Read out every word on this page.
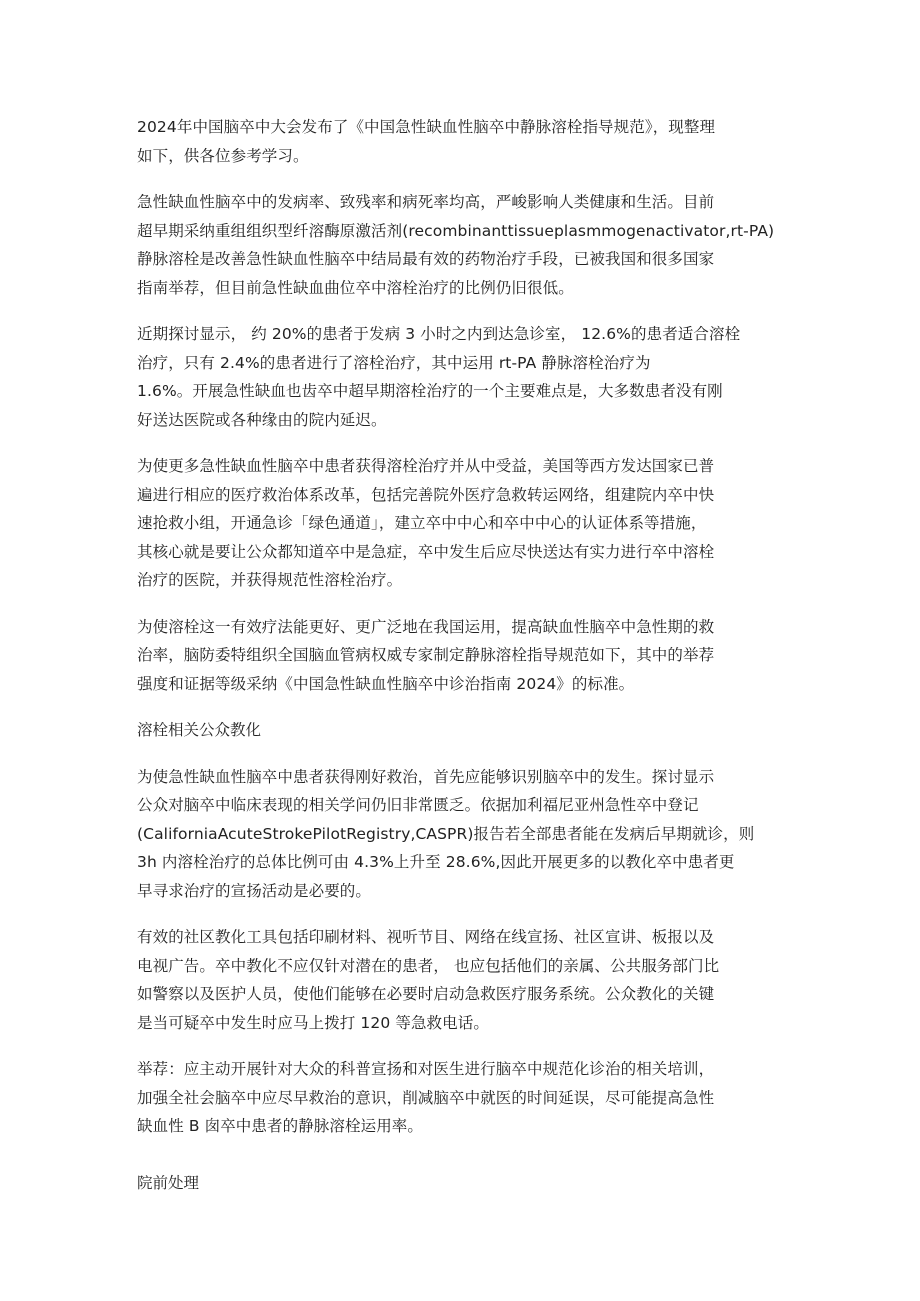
2024年中国脑卒中大会发布了《中国急性缺血性脑卒中静脉溶栓指导规范》，现整理
如下，供各位参考学习。

急性缺血性脑卒中的发病率、致残率和病死率均高，严峻影响人类健康和生活。目前
超早期采纳重组组织型纤溶酶原激活剂(recombinanttissueplasmmogenactivator,rt-PA)
静脉溶栓是改善急性缺血性脑卒中结局最有效的药物治疗手段，已被我国和很多国家
指南举荐，但目前急性缺血曲位卒中溶栓治疗的比例仍旧很低。

近期探讨显示， 约 20%的患者于发病 3 小时之内到达急诊室， 12.6%的患者适合溶栓
治疗，只有 2.4%的患者进行了溶栓治疗，其中运用 rt-PA 静脉溶栓治疗为
1.6%。开展急性缺血也齿卒中超早期溶栓治疗的一个主要难点是，大多数患者没有刚
好送达医院或各种缘由的院内延迟。

为使更多急性缺血性脑卒中患者获得溶栓治疗并从中受益，美国等西方发达国家已普
遍进行相应的医疗救治体系改革，包括完善院外医疗急救转运网络，组建院内卒中快
速抢救小组，开通急诊「绿色通道」，建立卒中中心和卒中中心的认证体系等措施，
其核心就是要让公众都知道卒中是急症，卒中发生后应尽快送达有实力进行卒中溶栓
治疗的医院，并获得规范性溶栓治疗。

为使溶栓这一有效疗法能更好、更广泛地在我国运用，提高缺血性脑卒中急性期的救
治率，脑防委特组织全国脑血管病权威专家制定静脉溶栓指导规范如下，其中的举荐
强度和证据等级采纳《中国急性缺血性脑卒中诊治指南 2024》的标准。

溶栓相关公众教化

为使急性缺血性脑卒中患者获得刚好救治，首先应能够识别脑卒中的发生。探讨显示
公众对脑卒中临床表现的相关学问仍旧非常匮乏。依据加利福尼亚州急性卒中登记
(CaliforniaAcuteStrokePilotRegistry,CASPR)报告若全部患者能在发病后早期就诊，则
3h 内溶栓治疗的总体比例可由 4.3%上升至 28.6%,因此开展更多的以教化卒中患者更
早寻求治疗的宣扬活动是必要的。

有效的社区教化工具包括印刷材料、视听节目、网络在线宣扬、社区宣讲、板报以及
电视广告。卒中教化不应仅针对潜在的患者， 也应包括他们的亲属、公共服务部门比
如警察以及医护人员，使他们能够在必要时启动急救医疗服务系统。公众教化的关键
是当可疑卒中发生时应马上拨打 120 等急救电话。

举荐：应主动开展针对大众的科普宣扬和对医生进行脑卒中规范化诊治的相关培训，
加强全社会脑卒中应尽早救治的意识，削减脑卒中就医的时间延误，尽可能提高急性
缺血性 B 囱卒中患者的静脉溶栓运用率。

院前处理
